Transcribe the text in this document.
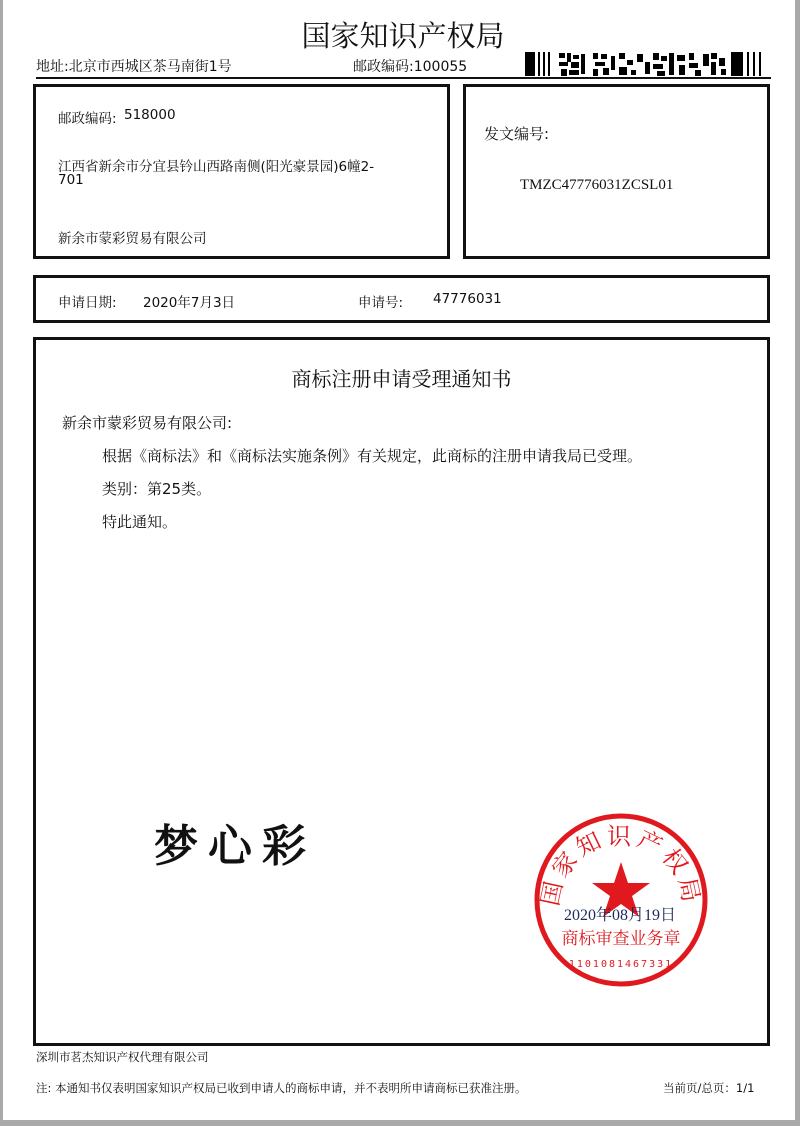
国家知识产权局
地址:北京市西城区茶马南街1号	邮政编码:100055
邮政编码: 518000
江西省新余市分宜县钤山西路南侧(阳光豪景园)6幢2-
701
新余市蒙彩贸易有限公司
发文编号:
TMZC47776031ZCSL01
申请日期: 2020年7月3日	申请号: 47776031
商标注册申请受理通知书
新余市蒙彩贸易有限公司:
根据《商标法》和《商标法实施条例》有关规定，此商标的注册申请我局已受理。
类别：第25类。
特此通知。
梦心彩
国家知识产权局
商标审查业务章
1101081467331
2020年08月19日
深圳市茗杰知识产权代理有限公司
注: 本通知书仅表明国家知识产权局已收到申请人的商标申请，并不表明所申请商标已获准注册。	当前页/总页：1/1
